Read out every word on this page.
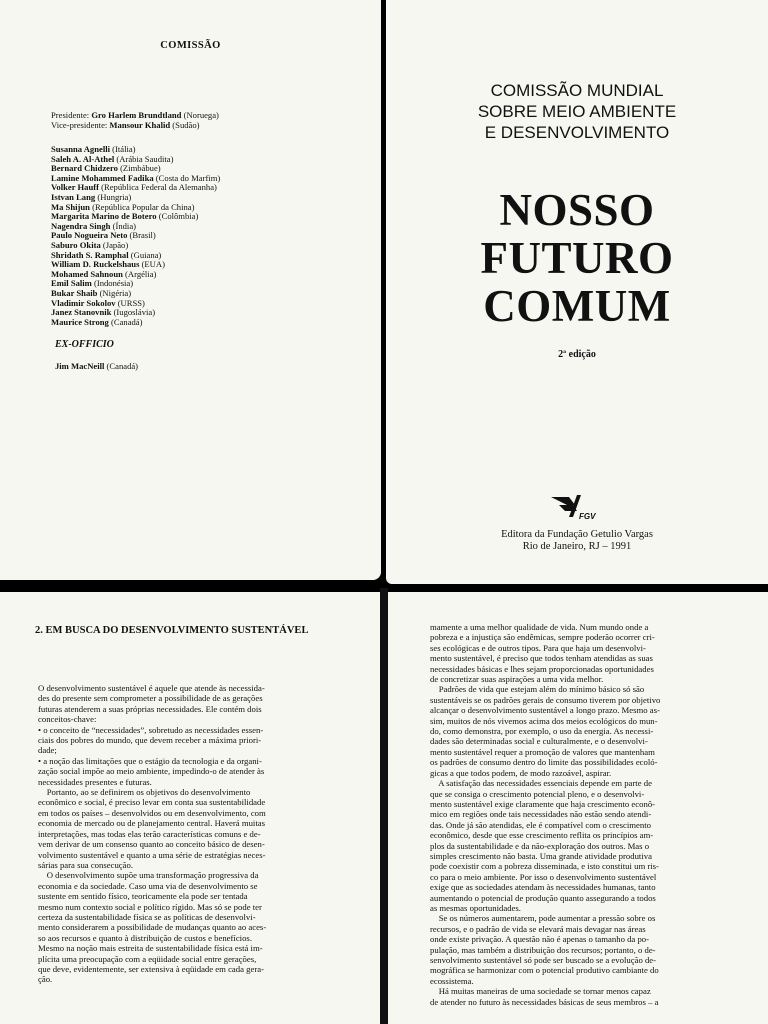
COMISSÃO
Presidente: Gro Harlem Brundtland (Noruega)
Vice-presidente: Mansour Khalid (Sudão)
Susanna Agnelli (Itália)
Saleh A. Al-Athel (Arábia Saudita)
Bernard Chidzero (Zimbábue)
Lamine Mohammed Fadika (Costa do Marfim)
Volker Hauff (República Federal da Alemanha)
Istvan Lang (Hungria)
Ma Shijun (República Popular da China)
Margarita Marino de Botero (Colômbia)
Nagendra Singh (Índia)
Paulo Nogueira Neto (Brasil)
Saburo Okita (Japão)
Shridath S. Ramphal (Guiana)
William D. Ruckelshaus (EUA)
Mohamed Sahnoun (Argélia)
Emil Salim (Indonésia)
Bukar Shaib (Nigéria)
Vladimir Sokolov (URSS)
Janez Stanovnik (Iugoslávia)
Maurice Strong (Canadá)
EX-OFFICIO
Jim MacNeill (Canadá)
COMISSÃO MUNDIAL
SOBRE MEIO AMBIENTE
E DESENVOLVIMENTO
NOSSO
FUTURO
COMUM
2ª edição
FGV
Editora da Fundação Getulio Vargas
Rio de Janeiro, RJ – 1991
2. EM BUSCA DO DESENVOLVIMENTO SUSTENTÁVEL
O desenvolvimento sustentável é aquele que atende às necessida-
des do presente sem comprometer a possibilidade de as gerações
futuras atenderem a suas próprias necessidades. Ele contém dois
conceitos-chave:
• o conceito de “necessidades”, sobretudo as necessidades essen-
ciais dos pobres do mundo, que devem receber a máxima priori-
dade;
• a noção das limitações que o estágio da tecnologia e da organi-
zação social impõe ao meio ambiente, impedindo-o de atender às
necessidades presentes e futuras.
Portanto, ao se definirem os objetivos do desenvolvimento
econômico e social, é preciso levar em conta sua sustentabilidade
em todos os países – desenvolvidos ou em desenvolvimento, com
economia de mercado ou de planejamento central. Haverá muitas
interpretações, mas todas elas terão características comuns e de-
vem derivar de um consenso quanto ao conceito básico de desen-
volvimento sustentável e quanto a uma série de estratégias neces-
sárias para sua consecução.
O desenvolvimento supõe uma transformação progressiva da
economia e da sociedade. Caso uma via de desenvolvimento se
sustente em sentido físico, teoricamente ela pode ser tentada
mesmo num contexto social e político rígido. Mas só se pode ter
certeza da sustentabilidade física se as políticas de desenvolvi-
mento considerarem a possibilidade de mudanças quanto ao aces-
so aos recursos e quanto à distribuição de custos e benefícios.
Mesmo na noção mais estreita de sustentabilidade física está im-
plícita uma preocupação com a eqüidade social entre gerações,
que deve, evidentemente, ser extensiva à eqüidade em cada gera-
ção.
mamente a uma melhor qualidade de vida. Num mundo onde a
pobreza e a injustiça são endêmicas, sempre poderão ocorrer cri-
ses ecológicas e de outros tipos. Para que haja um desenvolvi-
mento sustentável, é preciso que todos tenham atendidas as suas
necessidades básicas e lhes sejam proporcionadas oportunidades
de concretizar suas aspirações a uma vida melhor.
Padrões de vida que estejam além do mínimo básico só são
sustentáveis se os padrões gerais de consumo tiverem por objetivo
alcançar o desenvolvimento sustentável a longo prazo. Mesmo as-
sim, muitos de nós vivemos acima dos meios ecológicos do mun-
do, como demonstra, por exemplo, o uso da energia. As necessi-
dades são determinadas social e culturalmente, e o desenvolvi-
mento sustentável requer a promoção de valores que mantenham
os padrões de consumo dentro do limite das possibilidades ecoló-
gicas a que todos podem, de modo razoável, aspirar.
A satisfação das necessidades essenciais depende em parte de
que se consiga o crescimento potencial pleno, e o desenvolvi-
mento sustentável exige claramente que haja crescimento econô-
mico em regiões onde tais necessidades não estão sendo atendi-
das. Onde já são atendidas, ele é compatível com o crescimento
econômico, desde que esse crescimento reflita os princípios am-
plos da sustentabilidade e da não-exploração dos outros. Mas o
simples crescimento não basta. Uma grande atividade produtiva
pode coexistir com a pobreza disseminada, e isto constitui um ris-
co para o meio ambiente. Por isso o desenvolvimento sustentável
exige que as sociedades atendam às necessidades humanas, tanto
aumentando o potencial de produção quanto assegurando a todos
as mesmas oportunidades.
Se os números aumentarem, pode aumentar a pressão sobre os
recursos, e o padrão de vida se elevará mais devagar nas áreas
onde existe privação. A questão não é apenas o tamanho da po-
pulação, mas também a distribuição dos recursos; portanto, o de-
senvolvimento sustentável só pode ser buscado se a evolução de-
mográfica se harmonizar com o potencial produtivo cambiante do
ecossistema.
Há muitas maneiras de uma sociedade se tornar menos capaz
de atender no futuro às necessidades básicas de seus membros – a
